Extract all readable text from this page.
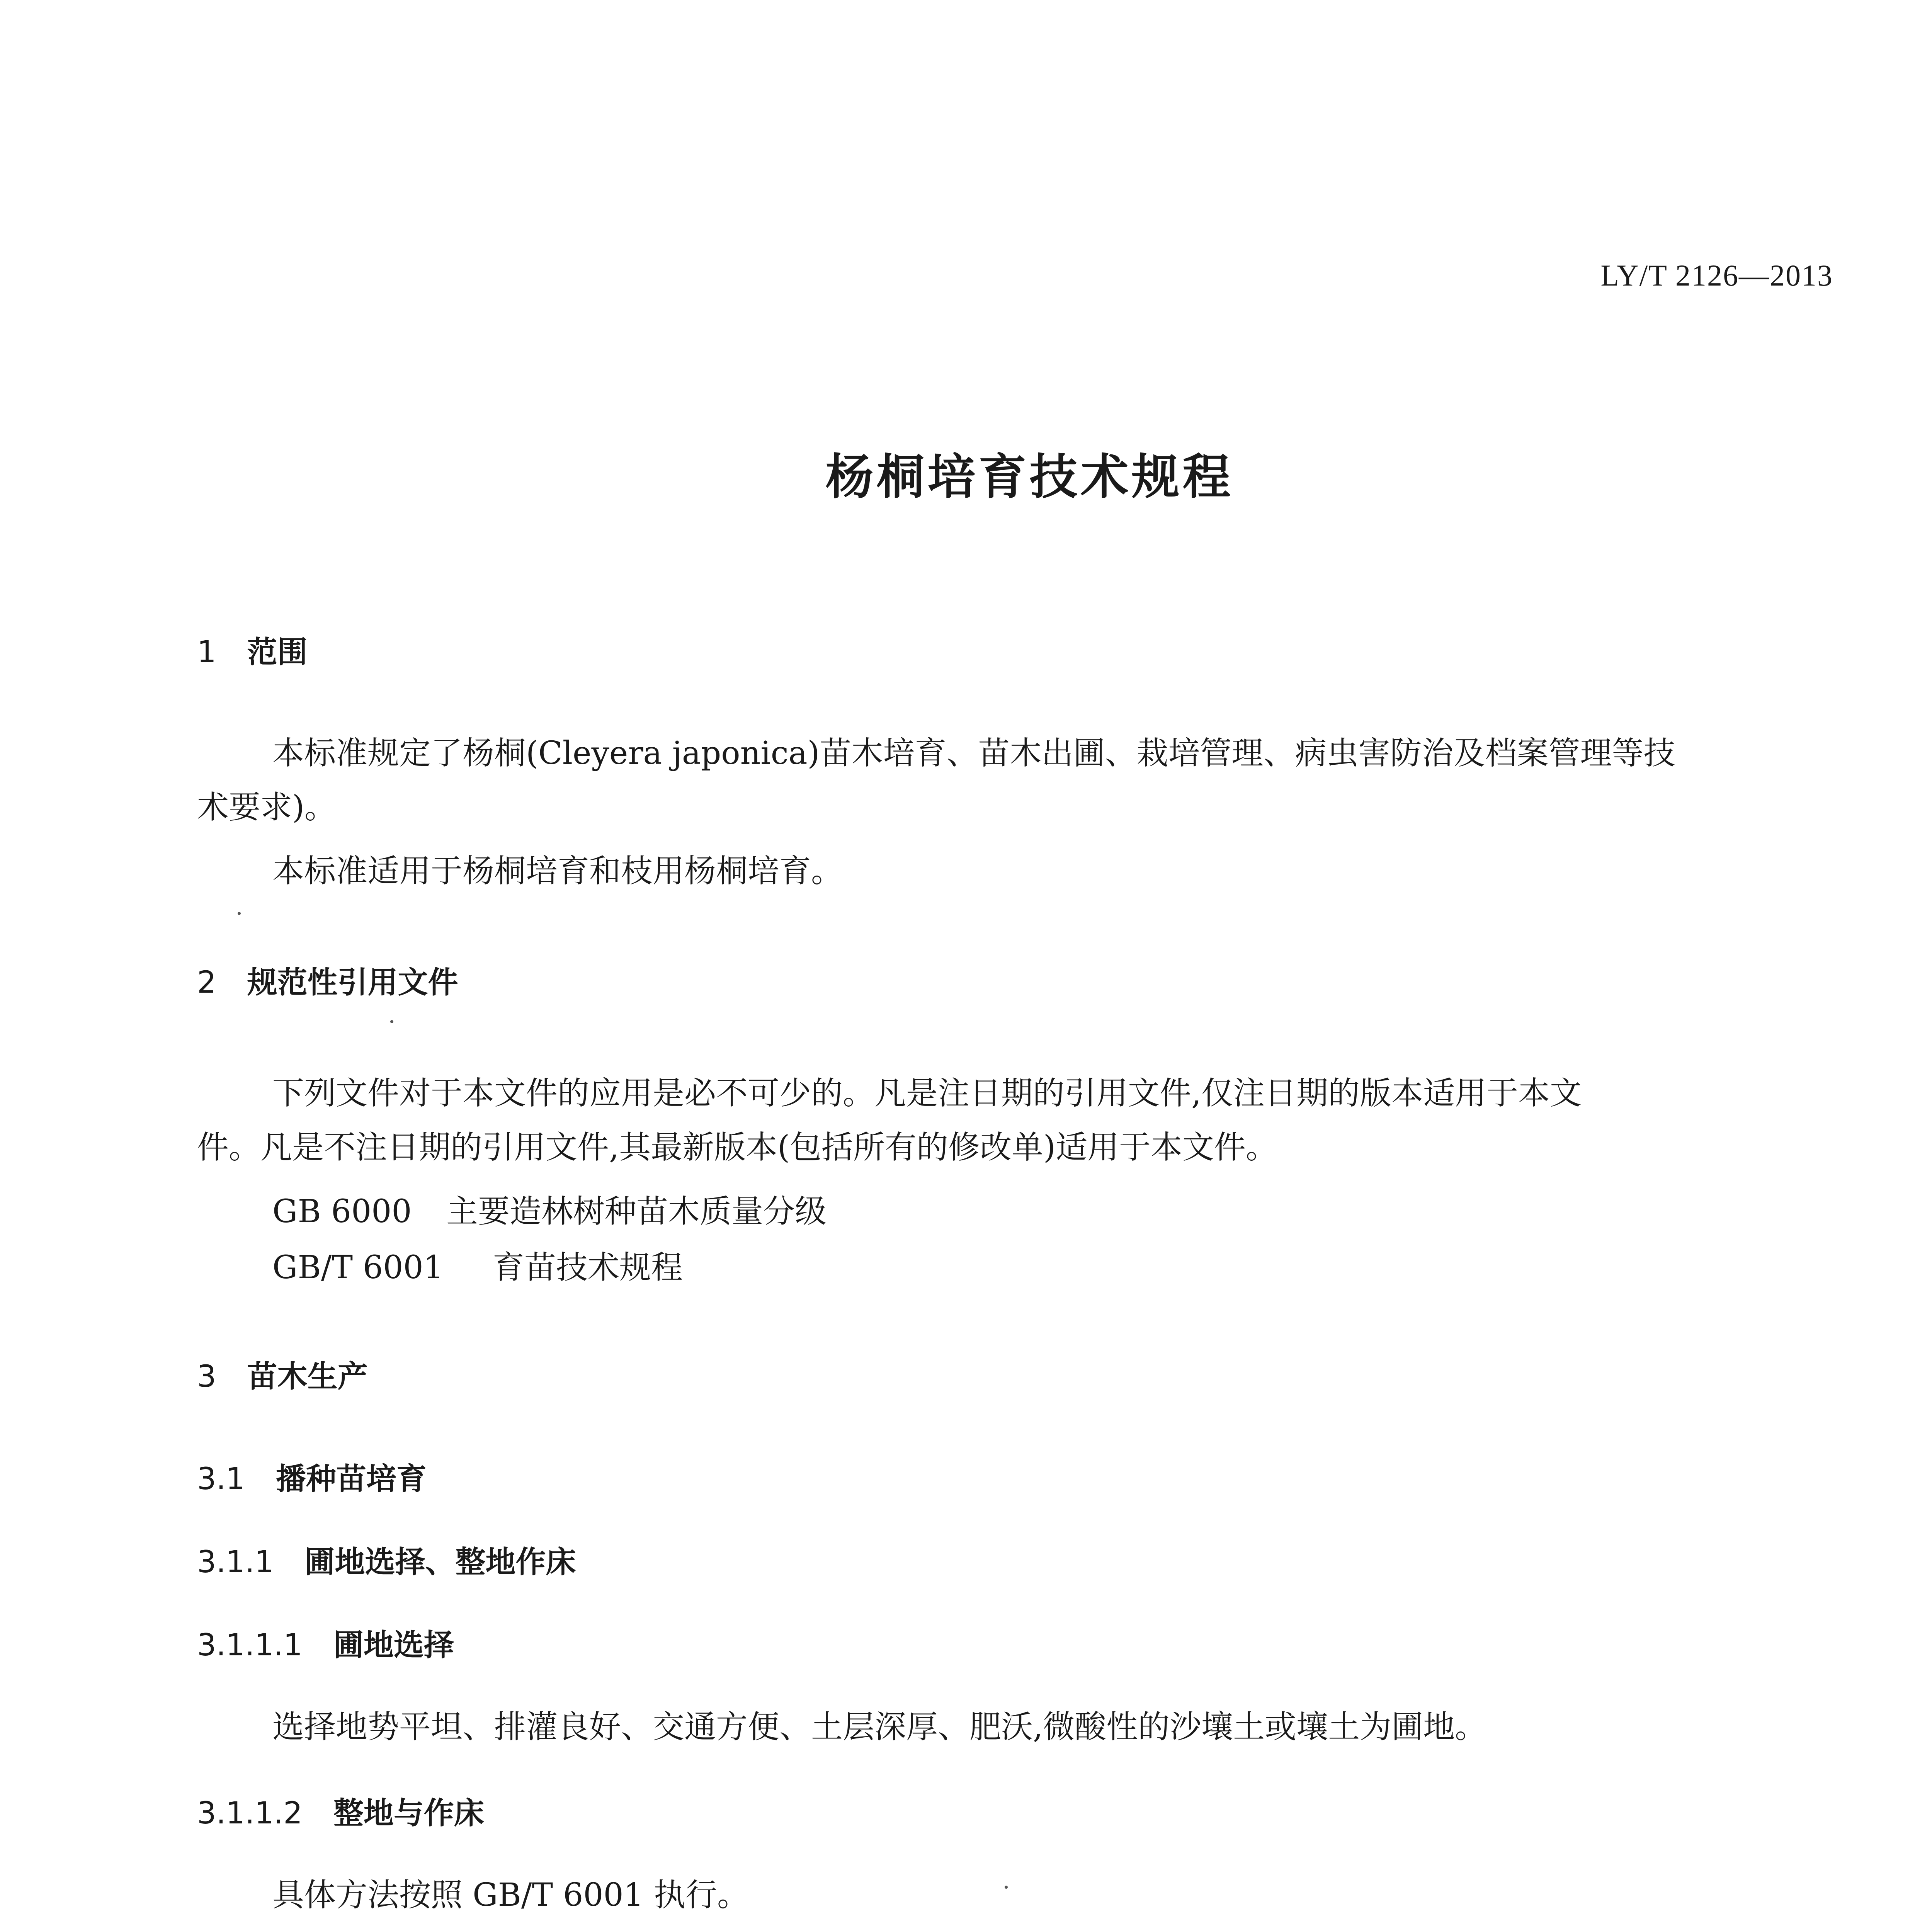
LY/T 2126—2013
杨桐培育技术规程
1 范围
本标准规定了杨桐(Cleyera japonica)苗木培育、苗木出圃、栽培管理、病虫害防治及档案管理等技
术要求)。
本标准适用于杨桐培育和枝用杨桐培育。
2 规范性引用文件
下列文件对于本文件的应用是必不可少的。凡是注日期的引用文件,仅注日期的版本适用于本文
件。凡是不注日期的引用文件,其最新版本(包括所有的修改单)适用于本文件。
GB 6000 主要造林树种苗木质量分级
GB/T 6001 育苗技术规程
3 苗木生产
3.1 播种苗培育
3.1.1 圃地选择、整地作床
3.1.1.1 圃地选择
选择地势平坦、排灌良好、交通方便、土层深厚、肥沃,微酸性的沙壤土或壤土为圃地。
3.1.1.2 整地与作床
具体方法按照 GB/T 6001 执行。
